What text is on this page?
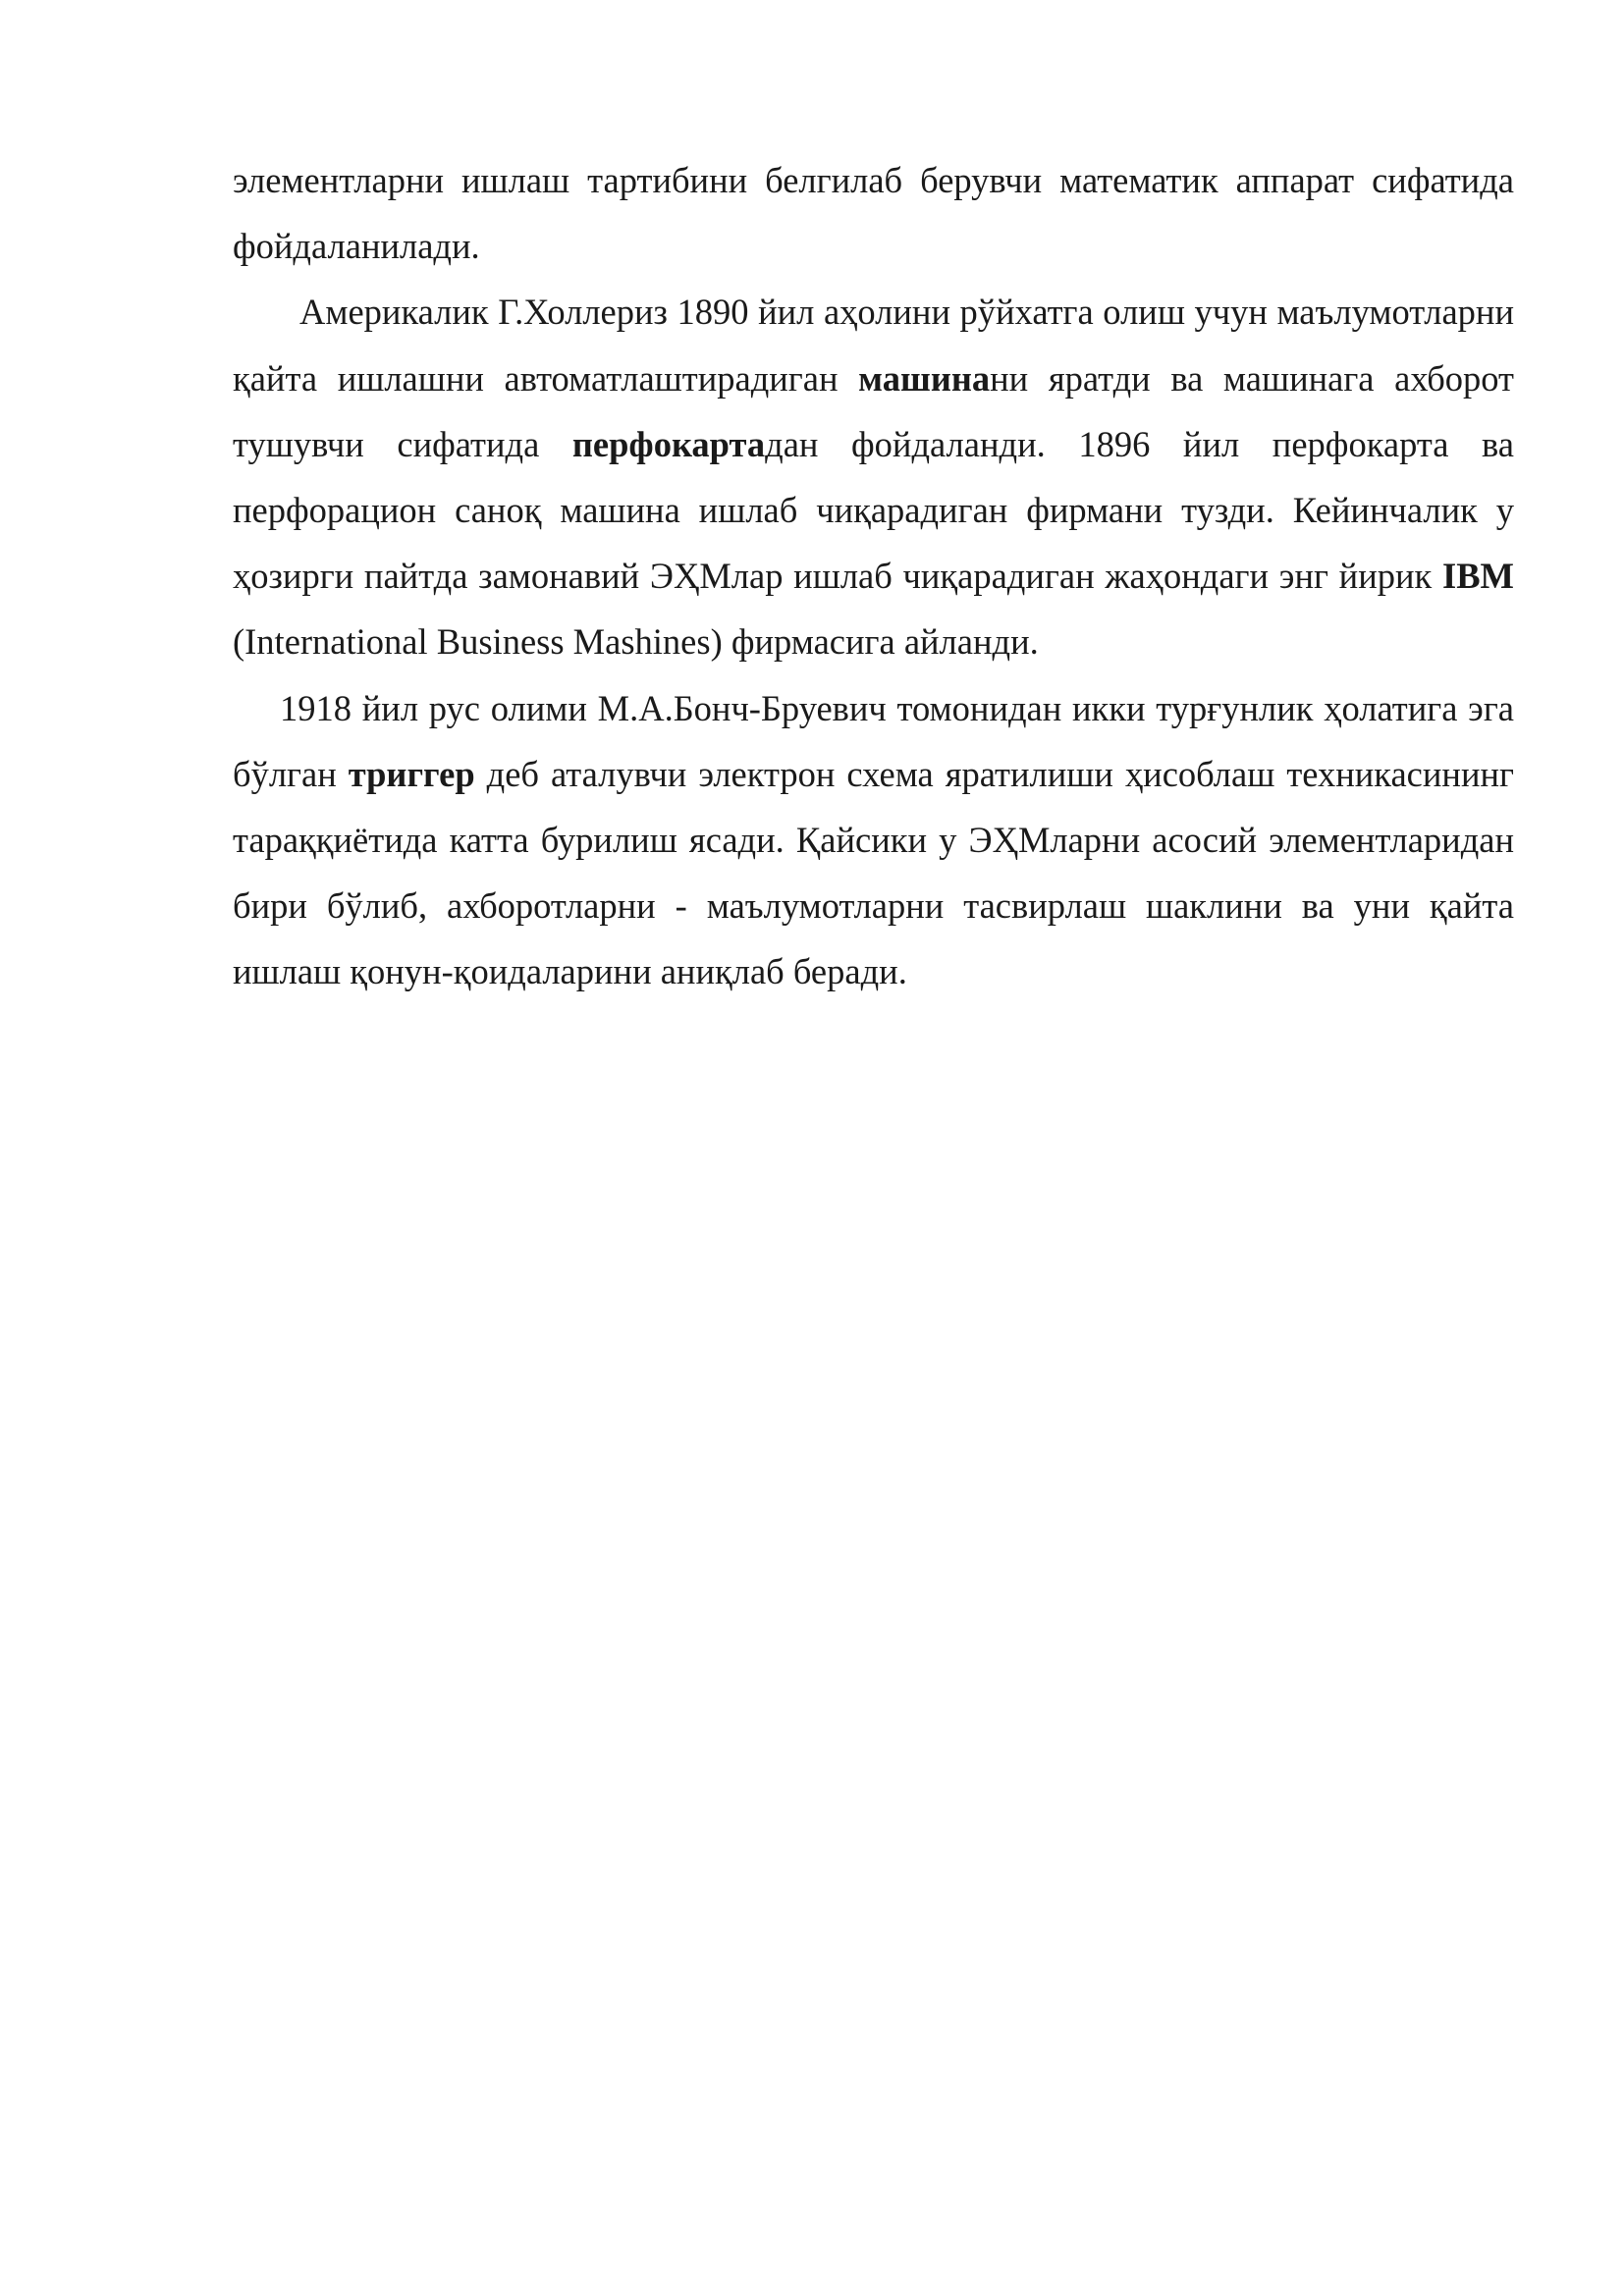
элементларни ишлаш тартибини белгилаб берувчи математик аппарат сифатида фойдаланилади.

Америкалик Г.Холлериз 1890 йил аҳолини рўйхатга олиш учун маълумотларни қайта ишлашни автоматлаштирадиган машинани яратди ва машинага ахборот тушувчи сифатида перфокартадан фойдаланди. 1896 йил перфокарта ва перфорацион саноқ машина ишлаб чиқарадиган фирмани тузди. Кейинчалик у ҳозирги пайтда замонавий ЭҲМлар ишлаб чиқарадиган жаҳондаги энг йирик IBM (International Business Mashines) фирмасига айланди.

1918 йил рус олими М.А.Бонч-Бруевич томонидан икки турғунлик ҳолатига эга бўлган триггер деб аталувчи электрон схема яратилиши ҳисоблаш техникасининг тараққиётида катта бурилиш ясади. Қайсики у ЭҲМларни асосий элементларидан бири бўлиб, ахборотларни - маълумотларни тасвирлаш шаклини ва уни қайта ишлаш қонун-қоидаларини аниқлаб беради.
